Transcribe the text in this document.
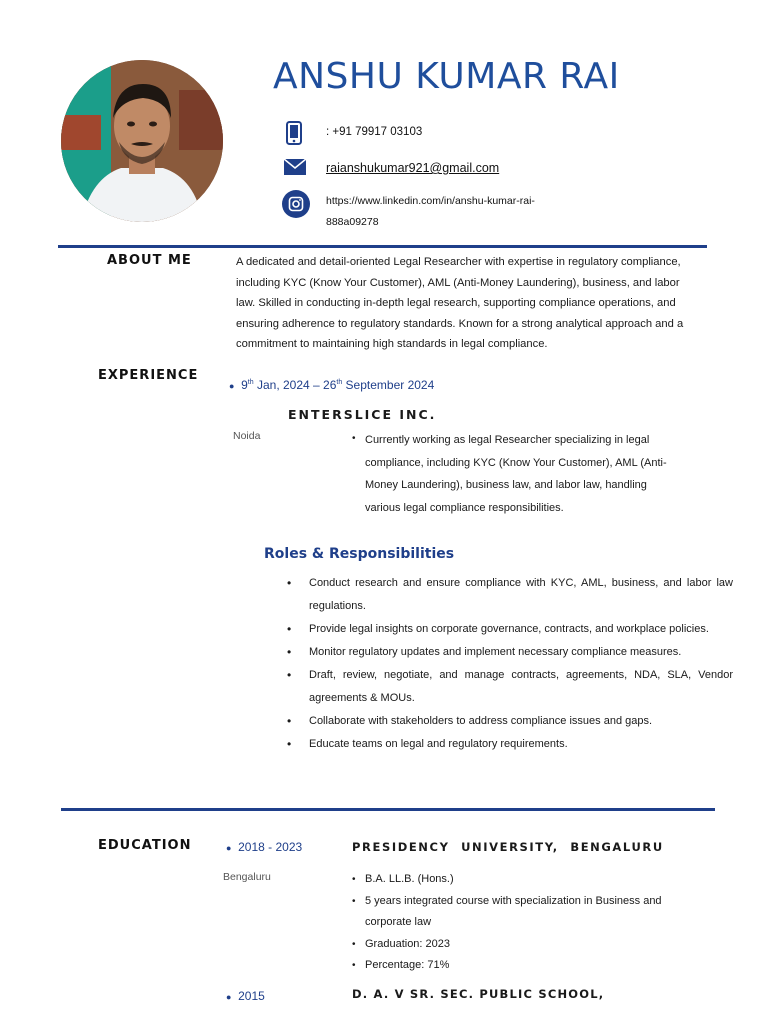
ANSHU KUMAR RAI
: +91 79917 03103
raianshukumar921@gmail.com
https://www.linkedin.com/in/anshu-kumar-rai-888a09278
ABOUT ME	A dedicated and detail-oriented Legal Researcher with expertise in regulatory compliance, including KYC (Know Your Customer), AML (Anti-Money Laundering), business, and labor law. Skilled in conducting in-depth legal research, supporting compliance operations, and ensuring adherence to regulatory standards. Known for a strong analytical approach and a commitment to maintaining high standards in legal compliance.
EXPERIENCE
● 9th Jan, 2024 – 26th September 2024
ENTERSLICE INC.
Noida	• Currently working as legal Researcher specializing in legal compliance, including KYC (Know Your Customer), AML (Anti-Money Laundering), business law, and labor law, handling various legal compliance responsibilities.
Roles & Responsibilities
• Conduct research and ensure compliance with KYC, AML, business, and labor law regulations.
• Provide legal insights on corporate governance, contracts, and workplace policies.
• Monitor regulatory updates and implement necessary compliance measures.
• Draft, review, negotiate, and manage contracts, agreements, NDA, SLA, Vendor agreements & MOUs.
• Collaborate with stakeholders to address compliance issues and gaps.
• Educate teams on legal and regulatory requirements.
EDUCATION	● 2018 - 2023	PRESIDENCY UNIVERSITY, BENGALURU
Bengaluru	• B.A. LL.B. (Hons.)
• 5 years integrated course with specialization in Business and corporate law
• Graduation: 2023
• Percentage: 71%
● 2015	D. A. V SR. SEC. PUBLIC SCHOOL,
